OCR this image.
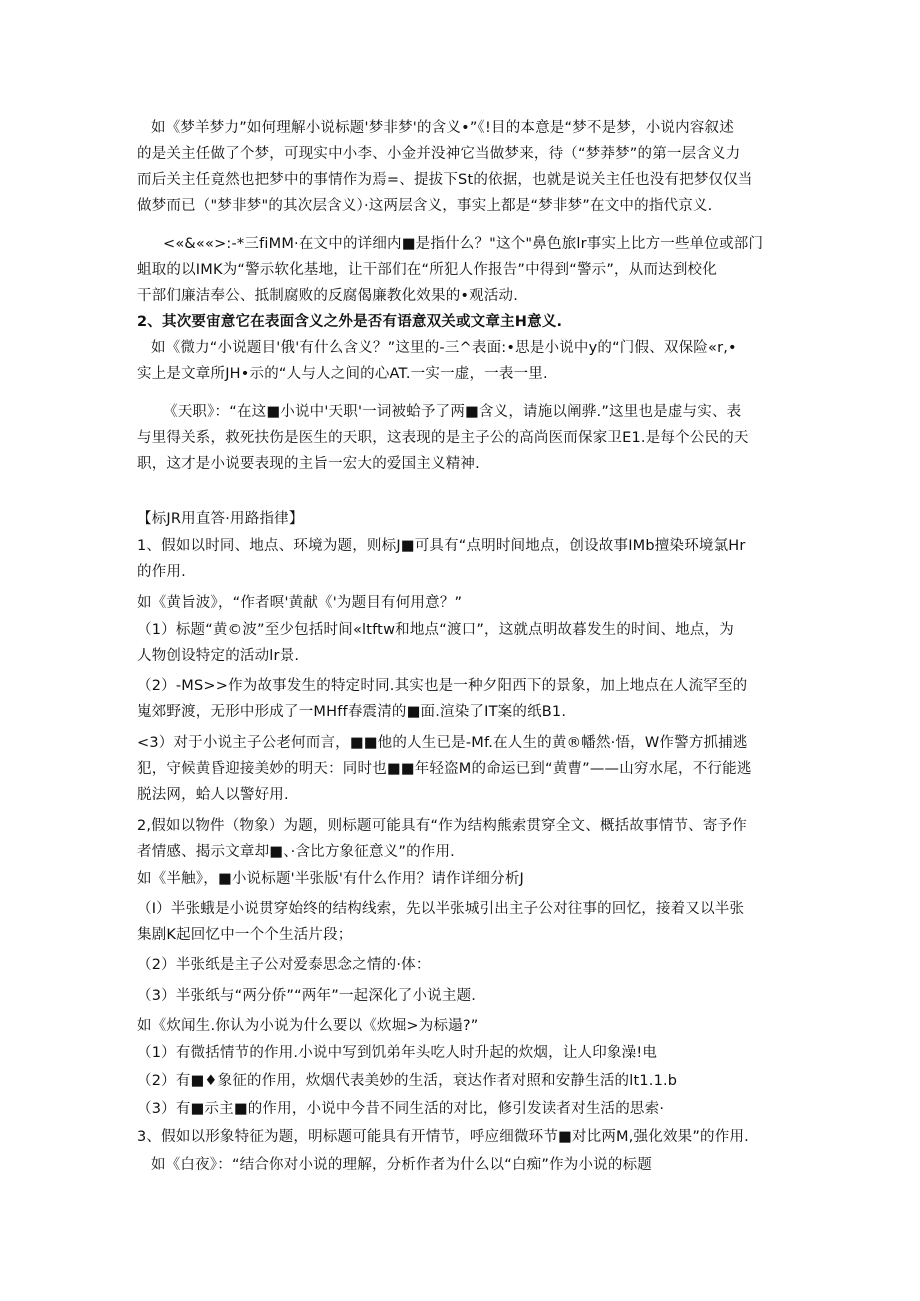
如《梦羊梦力”如何理解小说标题'梦非梦'的含义•”《!目的本意是“梦不是梦，小说内容叙述
的是关主任做了个梦，可现实中小李、小金并没神它当做梦来，待（“梦莽梦”的第一层含义力
而后关主任竟然也把梦中的事情作为焉=、提拔下St的依据，也就是说关主任也没有把梦仅仅当
做梦而已（"梦非梦"的其次层含义）·这两层含义，事实上都是“梦非梦”在文中的指代京义.
<«&««>:-*三fiMM·在文中的详细内■是指什么？"这个"鼻色旅lr事实上比方一些单位或部门
蛆取的以IMK为“警示软化基地，让干部们在“所犯人作报告”中得到“警示”，从而达到校化
干部们廉洁奉公、抵制腐败的反腐偈廉教化效果的•观活动.
2、其次要宙意它在表面含义之外是否有语意双关或文章主H意义.
如《微力“小说题目'俄'有什么含义？”这里的-三^表面:•思是小说中y的“门假、双保险«r,•
实上是文章所JH•示的“人与人之间的心AT.一实一虚，一表一里.
《天职》：“在这■小说中'天职'一词被蛤予了两■含义，请施以阐骅.”这里也是虚与实、表
与里得关系，救死扶伤是医生的天职，这表现的是主子公的高尚医而保家卫E1.是每个公民的天
职，这才是小说要表现的主旨一宏大的爱国主义精神.
【标JR用直答·用路指律】
1、假如以时同、地点、环境为题，则标J■可具有“点明时间地点，创设故事IMb擅染环境氯Hr
的作用.
如《黄旨波》，“作者暝'黄献《'为题目有何用意？”
（1）标题“黄©波”至少包括时间«ltftw和地点“渡口”，这就点明故暮发生的时间、地点，为
人物创设特定的活动lr景.
（2）-MS>>作为故事发生的特定时同.其实也是一种夕阳西下的景象，加上地点在人流罕至的
嵬郊野渡，无形中形成了一MHff春震清的■面.渲染了IT案的纸B1.
<3）对于小说主子公老何而言，■■他的人生已是-Mf.在人生的黄®幡然·悟，W作警方抓捕逃
犯，守候黄昏迎接美妙的明天：同时也■■年轻盗M的命运已到“黄曹”——山穷水尾，不行能逃
脱法网，蛤人以警好用.
2,假如以物件（物象）为题，则标题可能具有“作为结构熊索贯穿全文、概括故事情节、寄予作
者情感、揭示文章却■、·含比方象征意义”的作用.
如《半触》，■小说标题'半张版'有什么作用？请作详细分析J
（I）半张蛾是小说贯穿始终的结构线索，先以半张城引出主子公对往事的回忆，接着又以半张
集剧K起回忆中一个个生活片段；
（2）半张纸是主子公对爱泰思念之情的·体：
（3）半张纸与“两分侨”“两年”一起深化了小说主题.
如《炊闻生.你认为小说为什么要以《炊堀>为标遢?”
（1）有微括情节的作用.小说中写到饥弟年头吃人时升起的炊烟，让人印象澡!电
（2）有■♦象征的作用，炊烟代表美妙的生活，衰达作者对照和安静生活的lt1.1.b
（3）有■示主■的作用，小说中今昔不同生活的对比，修引发读者对生活的思索·
3、假如以形象特征为题，明标题可能具有开情节，呼应细微环节■对比两M,强化效果”的作用.
如《白夜》：“结合你对小说的理解，分析作者为什么以“白痴”作为小说的标题
